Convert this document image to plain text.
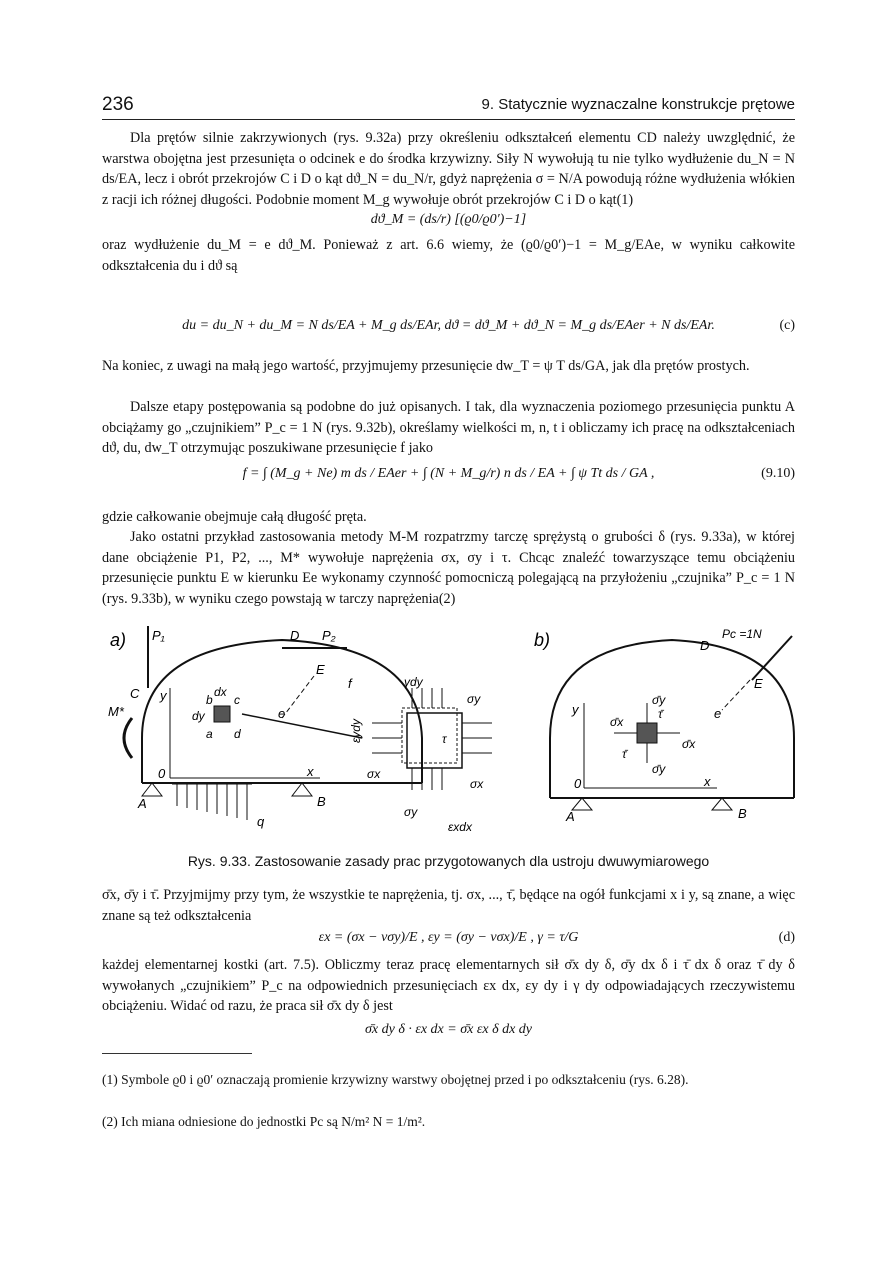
236	9. Statycznie wyznaczalne konstrukcje prętowe

Dla prętów silnie zakrzywionych (rys. 9.32a) przy określeniu odkształceń elementu CD należy uwzględnić, że warstwa obojętna jest przesunięta o odcinek e do środka krzywizny. Siły N wywołują tu nie tylko wydłużenie du_N = N ds/EA, lecz i obrót przekrojów C i D o kąt dϑ_N = du_N/r, gdyż naprężenia σ = N/A powodują różne wydłużenia włókien z racji ich różnej długości. Podobnie moment M_g wywołuje obrót przekrojów C i D o kąt(1)

dϑ_M = (ds/r) [(ϱ0/ϱ0′)−1]

oraz wydłużenie du_M = e dϑ_M. Ponieważ z art. 6.6 wiemy, że (ϱ0/ϱ0′)−1 = M_g/EAe, w wyniku całkowite odkształcenia du i dϑ są

du = du_N + du_M = N ds/EA + M_g ds/EAr, dϑ = dϑ_M + dϑ_N = M_g ds/EAer + N ds/EAr.	(c)

Na koniec, z uwagi na małą jego wartość, przyjmujemy przesunięcie dw_T = ψ T ds/GA, jak dla prętów prostych.

Dalsze etapy postępowania są podobne do już opisanych. I tak, dla wyznaczenia poziomego przesunięcia punktu A obciążamy go „czujnikiem” P_c = 1 N (rys. 9.32b), określamy wielkości m, n, t i obliczamy ich pracę na odkształceniach dϑ, du, dw_T otrzymując poszukiwane przesunięcie f jako

f = ∫ (M_g + Ne) m ds / EAer + ∫ (N + M_g/r) n ds / EA + ∫ ψ Tt ds / GA ,	(9.10)

gdzie całkowanie obejmuje całą długość pręta.

Jako ostatni przykład zastosowania metody M-M rozpatrzmy tarczę sprężystą o grubości δ (rys. 9.33a), w której dane obciążenie P1, P2, ..., M* wywołuje naprężenia σx, σy i τ. Chcąc znaleźć towarzyszące temu obciążeniu przesunięcie punktu E w kierunku Ee wykonamy czynność pomocniczą polegającą na przyłożeniu „czujnika” P_c = 1 N (rys. 9.33b), w wyniku czego powstają w tarczy naprężenia(2)

a)
A	B
q
P₁	D P₂
C
M*
E
f
e
y
x
0
b c
a d
dx
dy
γdy
σy
τ
σx
σx
σy
εydy
εxdx
b)
A	B
Pc =1N
D
E
e
y
x
0
σ̄y
τ̄
σ̄x
σ̄x
τ̄
σ̄y
Rys. 9.33. Zastosowanie zasady prac przygotowanych dla ustroju dwuwymiarowego

σ̄x, σ̄y i τ̄. Przyjmijmy przy tym, że wszystkie te naprężenia, tj. σx, ..., τ̄, będące na ogół funkcjami x i y, są znane, a więc znane są też odkształcenia

εx = (σx − νσy)/E , εy = (σy − νσx)/E , γ = τ/G	(d)

każdej elementarnej kostki (art. 7.5). Obliczmy teraz pracę elementarnych sił σ̄x dy δ, σ̄y dx δ i τ̄ dx δ oraz τ̄ dy δ wywołanych „czujnikiem” P_c na odpowiednich przesunięciach εx dx, εy dy i γ dy odpowiadających rzeczywistemu obciążeniu. Widać od razu, że praca sił σ̄x dy δ jest

σ̄x dy δ · εx dx = σ̄x εx δ dx dy

(1) Symbole ϱ0 i ϱ0′ oznaczają promienie krzywizny warstwy obojętnej przed i po odkształceniu (rys. 6.28).

(2) Ich miana odniesione do jednostki Pc są N/m² N = 1/m².
